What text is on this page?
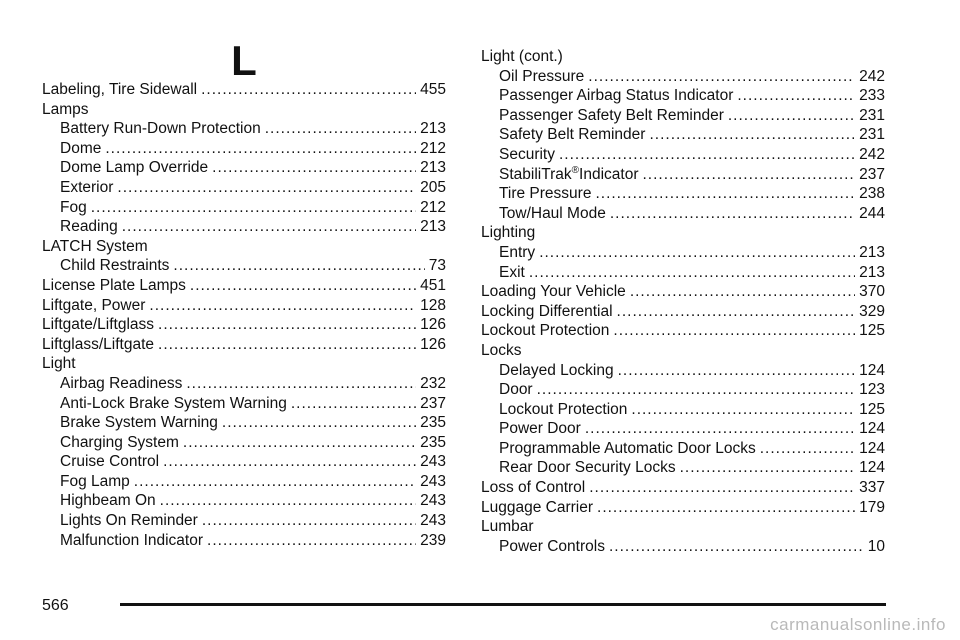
L
Labeling, Tire Sidewall .....	455
Lamps
Battery Run-Down Protection .....	213
Dome .....	212
Dome Lamp Override .....	213
Exterior .....	205
Fog .....	212
Reading .....	213
LATCH System
Child Restraints .....	73
License Plate Lamps .....	451
Liftgate, Power .....	128
Liftgate/Liftglass .....	126
Liftglass/Liftgate .....	126
Light
Airbag Readiness .....	232
Anti-Lock Brake System Warning .....	237
Brake System Warning .....	235
Charging System .....	235
Cruise Control .....	243
Fog Lamp .....	243
Highbeam On .....	243
Lights On Reminder .....	243
Malfunction Indicator .....	239
Light (cont.)
Oil Pressure .....	242
Passenger Airbag Status Indicator .....	233
Passenger Safety Belt Reminder .....	231
Safety Belt Reminder .....	231
Security .....	242
StabiliTrak®Indicator .....	237
Tire Pressure .....	238
Tow/Haul Mode .....	244
Lighting
Entry .....	213
Exit .....	213
Loading Your Vehicle .....	370
Locking Differential .....	329
Lockout Protection .....	125
Locks
Delayed Locking .....	124
Door .....	123
Lockout Protection .....	125
Power Door .....	124
Programmable Automatic Door Locks .....	124
Rear Door Security Locks .....	124
Loss of Control .....	337
Luggage Carrier .....	179
Lumbar
Power Controls .....	10
566
carmanualsonline.info
